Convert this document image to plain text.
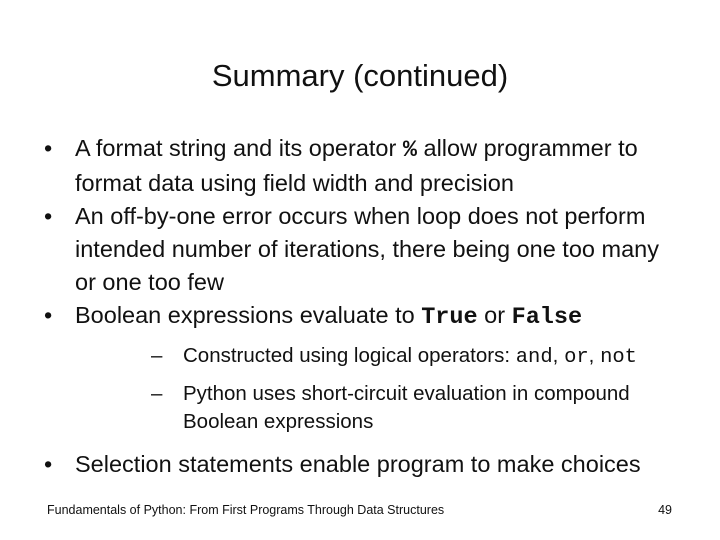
Summary (continued)
• A format string and its operator % allow programmer to format data using field width and precision
• An off-by-one error occurs when loop does not perform intended number of iterations, there being one too many or one too few
• Boolean expressions evaluate to True or False
– Constructed using logical operators: and, or, not
– Python uses short-circuit evaluation in compound Boolean expressions
• Selection statements enable program to make choices
Fundamentals of Python: From First Programs Through Data Structures	49
